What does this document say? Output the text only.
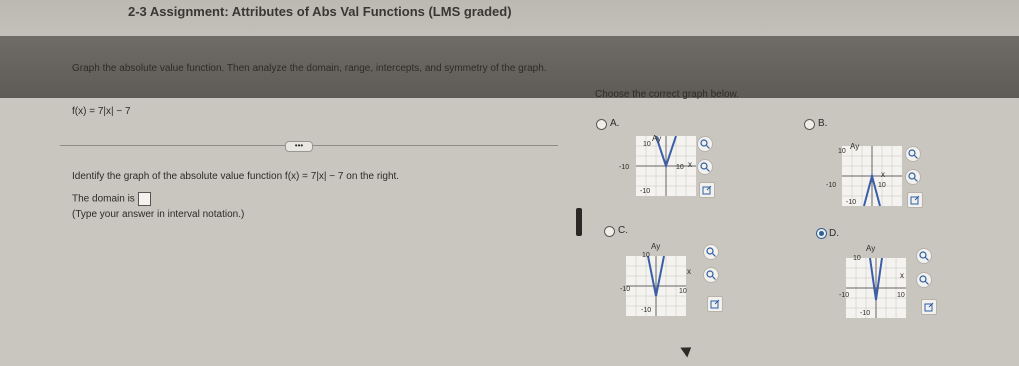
2-3 Assignment: Attributes of Abs Val Functions (LMS graded)
Graph the absolute value function. Then analyze the domain, range, intercepts, and symmetry of the graph.
f(x) = 7|x| − 7
Choose the correct graph below.
•••
Identify the graph of the absolute value function f(x) = 7|x| − 7 on the right.
The domain is
(Type your answer in interval notation.)
A.
Ay
x
10
-10	10
-10
B.
Ay
x
10
-10	10
-10
C.
Ay
x
10
-10	10
-10
D.
Ay
x
10
-10	10
-10
